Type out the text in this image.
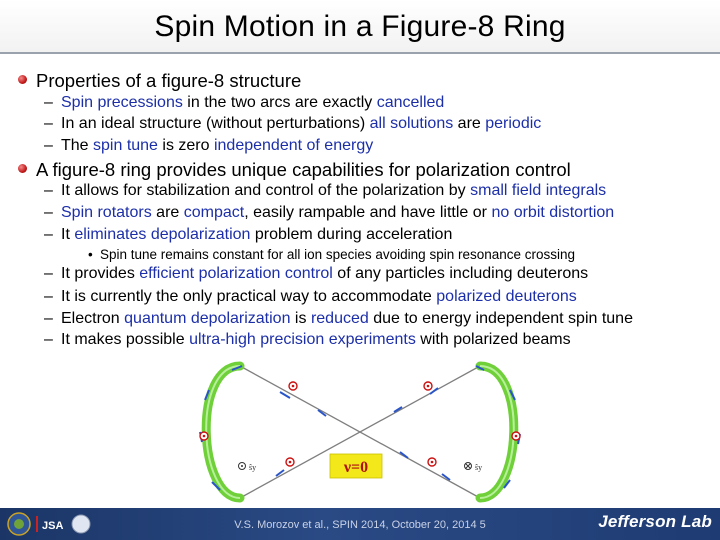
Spin Motion in a Figure-8 Ring
Properties of a figure-8 structure
– Spin precessions in the two arcs are exactly cancelled
– In an ideal structure (without perturbations) all solutions are periodic
– The spin tune is zero independent of energy
A figure-8 ring provides unique capabilities for polarization control
– It allows for stabilization and control of the polarization by small field integrals
– Spin rotators are compact, easily rampable and have little or no orbit distortion
– It eliminates depolarization problem during acceleration
• Spin tune remains constant for all ion species avoiding spin resonance crossing
– It provides efficient polarization control of any particles including deuterons
– It is currently the only practical way to accommodate polarized deuterons
– Electron quantum depolarization is reduced due to energy independent spin tune
– It makes possible ultra-high precision experiments with polarized beams
ŝy	ŝy
ν=0
JSA	V.S. Morozov et al., SPIN 2014, October 20, 2014 5	Jefferson Lab
